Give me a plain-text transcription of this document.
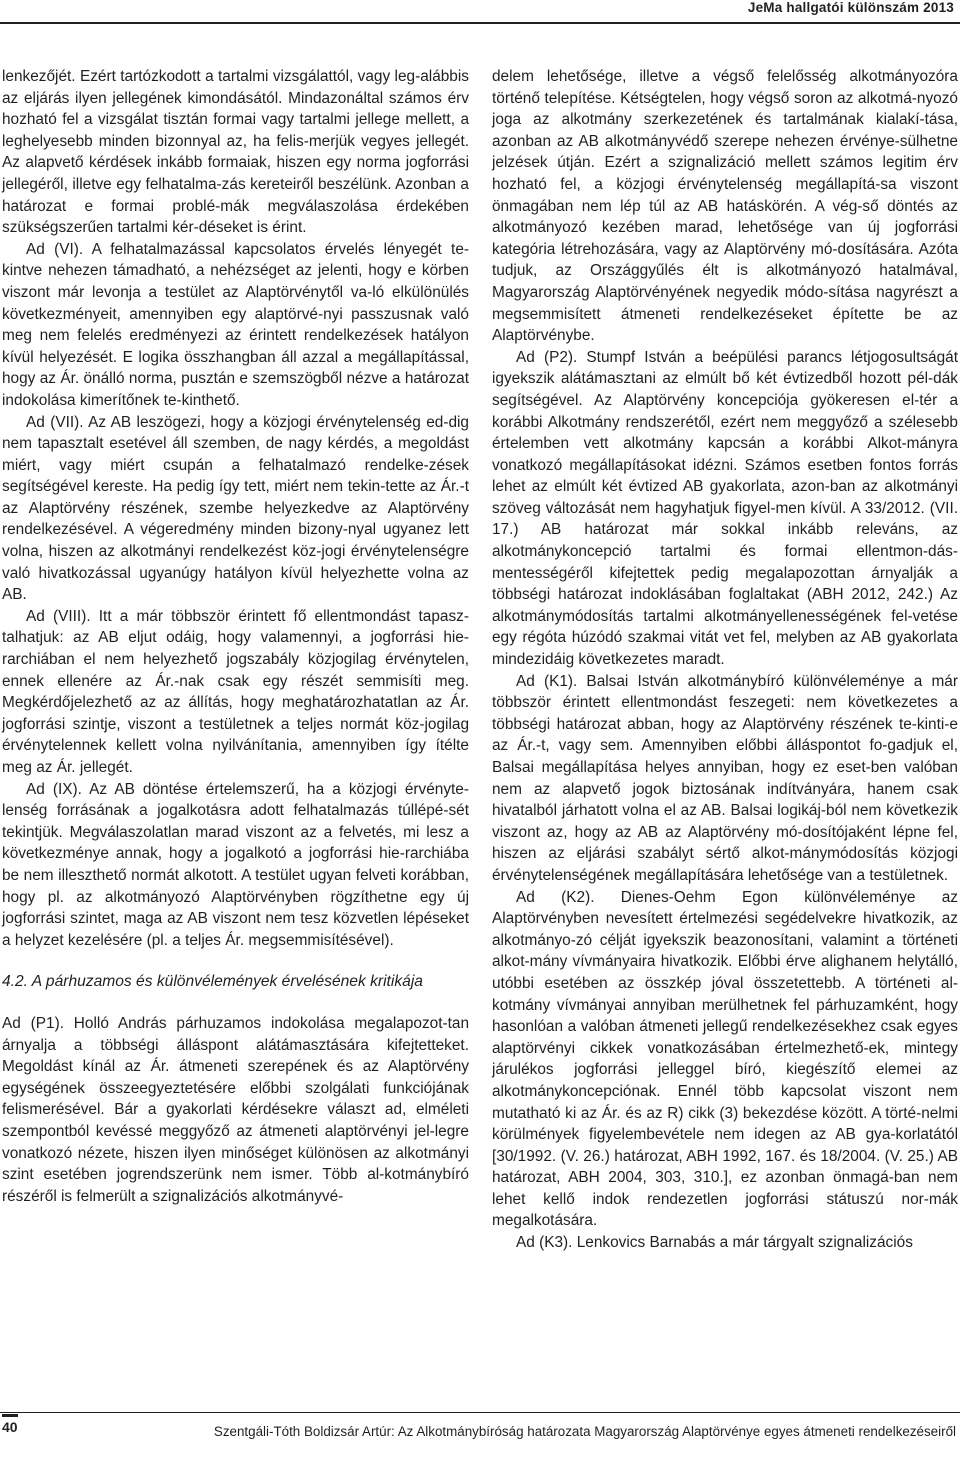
JeMa hallgatói különszám 2013

lenkezőjét. Ezért tartózkodott a tartalmi vizsgálattól, vagy leg-alábbis az eljárás ilyen jellegének kimondásától. Mindazonáltal számos érv hozható fel a vizsgálat tisztán formai vagy tartalmi jellege mellett, a leghelyesebb minden bizonnyal az, ha felis-merjük vegyes jellegét. Az alapvető kérdések inkább formaiak, hiszen egy norma jogforrási jellegéről, illetve egy felhatalma-zás kereteiről beszélünk. Azonban a határozat e formai problé-mák megválaszolása érdekében szükségszerűen tartalmi kér-déseket is érint.

Ad (VI). A felhatalmazással kapcsolatos érvelés lényegét te-kintve nehezen támadható, a nehézséget az jelenti, hogy e körben viszont már levonja a testület az Alaptörvénytől va-ló elkülönülés következményeit, amennyiben egy alaptörvé-nyi passzusnak való meg nem felelés eredményezi az érintett rendelkezések hatályon kívül helyezését. E logika összhangban áll azzal a megállapítással, hogy az Ár. önálló norma, pusztán e szemszögből nézve a határozat indokolása kimerítőnek te-kinthető.

Ad (VII). Az AB leszögezi, hogy a közjogi érvénytelenség ed-dig nem tapasztalt esetével áll szemben, de nagy kérdés, a megoldást miért, vagy miért csupán a felhatalmazó rendelke-zések segítségével kereste. Ha pedig így tett, miért nem tekin-tette az Ár.-t az Alaptörvény részének, szembe helyezkedve az Alaptörvény rendelkezésével. A végeredmény minden bizony-nyal ugyanez lett volna, hiszen az alkotmányi rendelkezést köz-jogi érvénytelenségre való hivatkozással ugyanúgy hatályon kívül helyezhette volna az AB.

Ad (VIII). Itt a már többször érintett fő ellentmondást tapasz-talhatjuk: az AB eljut odáig, hogy valamennyi, a jogforrási hie-rarchiában el nem helyezhető jogszabály közjogilag érvénytelen, ennek ellenére az Ár.-nak csak egy részét semmisíti meg. Megkérdőjelezhető az az állítás, hogy meghatározhatatlan az Ár. jogforrási szintje, viszont a testületnek a teljes normát köz-jogilag érvénytelennek kellett volna nyilvánítania, amennyiben így ítélte meg az Ár. jellegét.

Ad (IX). Az AB döntése értelemszerű, ha a közjogi érvényte-lenség forrásának a jogalkotásra adott felhatalmazás túllépé-sét tekintjük. Megválaszolatlan marad viszont az a felvetés, mi lesz a következménye annak, hogy a jogalkotó a jogforrási hie-rarchiába be nem illeszthető normát alkotott. A testület ugyan felveti korábban, hogy pl. az alkotmányozó Alaptörvényben rögzíthetne egy új jogforrási szintet, maga az AB viszont nem tesz közvetlen lépéseket a helyzet kezelésére (pl. a teljes Ár. megsemmisítésével).

4.2. A párhuzamos és különvélemények érvelésének kritikája

Ad (P1). Holló András párhuzamos indokolása megalapozot-tan árnyalja a többségi álláspont alátámasztására kifejtetteket. Megoldást kínál az Ár. átmeneti szerepének és az Alaptörvény egységének összeegyeztetésére előbbi szolgálati funkciójának felismerésével. Bár a gyakorlati kérdésekre választ ad, elméleti szempontból kevéssé meggyőző az átmeneti alaptörvényi jel-legre vonatkozó nézete, hiszen ilyen minőséget különösen az alkotmányi szint esetében jogrendszerünk nem ismer. Több al-kotmánybíró részéről is felmerült a szignalizációs alkotmányvé-

delem lehetősége, illetve a végső felelősség alkotmányozóra történő telepítése. Kétségtelen, hogy végső soron az alkotmá-nyozó joga az alkotmány szerkezetének és tartalmának kialakí-tása, azonban az AB alkotmányvédő szerepe nehezen érvénye-sülhetne jelzések útján. Ezért a szignalizáció mellett számos legitim érv hozható fel, a közjogi érvénytelenség megállapítá-sa viszont önmagában nem lép túl az AB hatáskörén. A vég-ső döntés az alkotmányozó kezében marad, lehetősége van új jogforrási kategória létrehozására, vagy az Alaptörvény mó-dosítására. Azóta tudjuk, az Országgyűlés élt is alkotmányozó hatalmával, Magyarország Alaptörvényének negyedik módo-sítása nagyrészt a megsemmisített átmeneti rendelkezéseket építette be az Alaptörvénybe.

Ad (P2). Stumpf István a beépülési parancs létjogosultságát igyekszik alátámasztani az elmúlt bő két évtizedből hozott pél-dák segítségével. Az Alaptörvény koncepciója gyökeresen el-tér a korábbi Alkotmány rendszerétől, ezért nem meggyőző a szélesebb értelemben vett alkotmány kapcsán a korábbi Alkot-mányra vonatkozó megállapításokat idézni. Számos esetben fontos forrás lehet az elmúlt két évtized AB gyakorlata, azon-ban az alkotmányi szöveg változását nem hagyhatjuk figyel-men kívül. A 33/2012. (VII. 17.) AB határozat már sokkal inkább releváns, az alkotmánykoncepció tartalmi és formai ellentmon-dás-mentességéről kifejtettek pedig megalapozottan árnyalják a többségi határozat indoklásában foglaltakat (ABH 2012, 242.) Az alkotmánymódosítás tartalmi alkotmányellenességének fel-vetése egy régóta húzódó szakmai vitát vet fel, melyben az AB gyakorlata mindezidáig következetes maradt.

Ad (K1). Balsai István alkotmánybíró különvéleménye a már többször érintett ellentmondást feszegeti: nem következetes a többségi határozat abban, hogy az Alaptörvény részének te-kinti-e az Ár.-t, vagy sem. Amennyiben előbbi álláspontot fo-gadjuk el, Balsai megállapítása helyes annyiban, hogy ez eset-ben valóban nem az alapvető jogok biztosának indítványára, hanem csak hivatalból járhatott volna el az AB. Balsai logikáj-ból nem következik viszont az, hogy az AB az Alaptörvény mó-dosítójaként lépne fel, hiszen az eljárási szabályt sértő alkot-mánymódosítás közjogi érvénytelenségének megállapítására lehetősége van a testületnek.

Ad (K2). Dienes-Oehm Egon különvéleménye az Alaptörvényben nevesített értelmezési segédelvekre hivatkozik, az alkotmányo-zó célját igyekszik beazonosítani, valamint a történeti alkot-mány vívmányaira hivatkozik. Előbbi érve alighanem helytálló, utóbbi esetében az összkép jóval összetettebb. A történeti al-kotmány vívmányai annyiban merülhetnek fel párhuzamként, hogy hasonlóan a valóban átmeneti jellegű rendelkezésekhez csak egyes alaptörvényi cikkek vonatkozásában értelmezhető-ek, mintegy járulékos jogforrási jelleggel bíró, kiegészítő elemei az alkotmánykoncepciónak. Ennél több kapcsolat viszont nem mutatható ki az Ár. és az R) cikk (3) bekezdése között. A törté-nelmi körülmények figyelembevétele nem idegen az AB gya-korlatától [30/1992. (V. 26.) határozat, ABH 1992, 167. és 18/2004. (V. 25.) AB határozat, ABH 2004, 303, 310.], ez azonban önmagá-ban nem lehet kellő indok rendezetlen jogforrási státuszú nor-mák megalkotására.

Ad (K3). Lenkovics Barnabás a már tárgyalt szignalizációs

40	Szentgáli-Tóth Boldizsár Artúr: Az Alkotmánybíróság határozata Magyarország Alaptörvénye egyes átmeneti rendelkezéseiről
